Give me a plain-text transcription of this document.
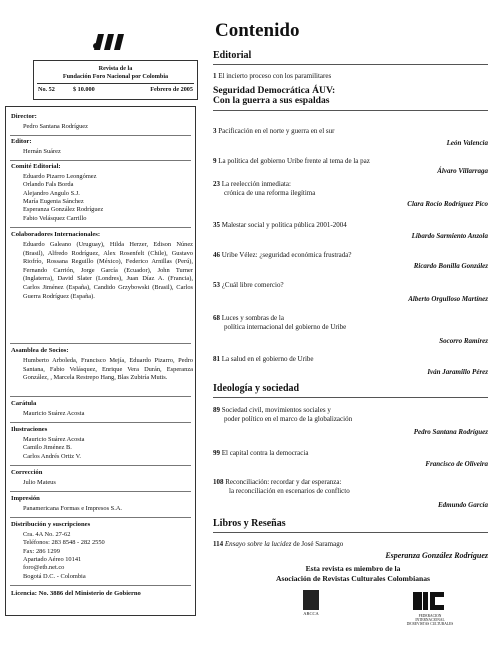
Revista de la
Fundación Foro Nacional por Colombia
No. 52	$ 10.000	Febrero de 2005
Director:
Pedro Santana Rodríguez
Editor:
Hernán Suárez
Comité Editorial:
Eduardo Pizarro Leongómez
Orlando Fals Borda
Alejandro Angulo S.J.
María Eugenia Sánchez
Esperanza González Rodríguez
Fabio Velásquez Carrillo
Colaboradores Internacionales:
Eduardo Galeano (Uruguay), Hilda Herzer, Edison Núnez (Brasil), Alfredo Rodríguez, Alex Rosenfelt (Chile), Gustavo Riofrío, Rossana Reguillo (México), Federico Arnillas (Perú), Fernando Carrión, Jorge García (Ecuador), John Turner (Inglaterra), David Slater (Londres), Juan Díaz A. (Francia), Carlos Jiménez (España), Candido Grzybowski (Brasil), Carlos Guerra Rodríguez (España).
Asamblea de Socios:
Humberto Arboleda, Francisco Mejía, Eduardo Pizarro, Pedro Santana, Fabio Velásquez, Enrique Vera Durán, Esperanza González, , Marcela Restrepo Hang, Blas Zubiría Mutis.
Carátula
Mauricio Suárez Acosta
Ilustraciones
Mauricio Suárez Acosta
Camilo Jiménez B.
Carlos Andrés Ortiz V.
Corrección
Julio Mateus
Impresión
Panamericana Formas e Impresos S.A.
Distribución y suscripciones
Cra. 4A No. 27-62
Teléfonos: 283 8548 - 282 2550
Fax: 286 1299
Apartado Aéreo 10141
foro@etb.net.co
Bogotá D.C. - Colombia
Licencia: No. 3886 del Ministerio de Gobierno
Contenido
Editorial
1 El incierto proceso con los paramilitares
Seguridad Democrática ÁUV:
Con la guerra a sus espaldas
3 Pacificación en el norte y guerra en el sur
León Valencia
9 La política del gobierno Uribe frente al tema de la paz
Álvaro Villarraga
23 La reelección inmediata:
crónica de una reforma ilegítima
Clara Rocío Rodríguez Pico
35 Malestar social y política pública 2001-2004
Libardo Sarmiento Anzola
46 Uribe Vélez: ¿seguridad económica frustrada?
Ricardo Bonilla González
53 ¿Cuál libre comercio?
Alberto Orgulloso Martínez
68 Luces y sombras de la
política internacional del gobierno de Uribe
Socorro Ramírez
81 La salud en el gobierno de Uribe
Iván Jaramillo Pérez
Ideología y sociedad
89 Sociedad civil, movimientos sociales y
poder político en el marco de la globalización
Pedro Santana Rodríguez
99 El capital contra la democracia
Francisco de Oliveira
108 Reconciliación: recordar y dar esperanza:
la reconciliación en escenarios de conflicto
Edmundo García
Libros y Reseñas
114 Ensayo sobre la lucidez de José Saramago
Esperanza González Rodríguez
Esta revista es miembro de la
Asociación de Revistas Culturales Colombianas
ARCCA	FEDERACION INTERNACIONAL
DE REVISTAS CULTURALES
